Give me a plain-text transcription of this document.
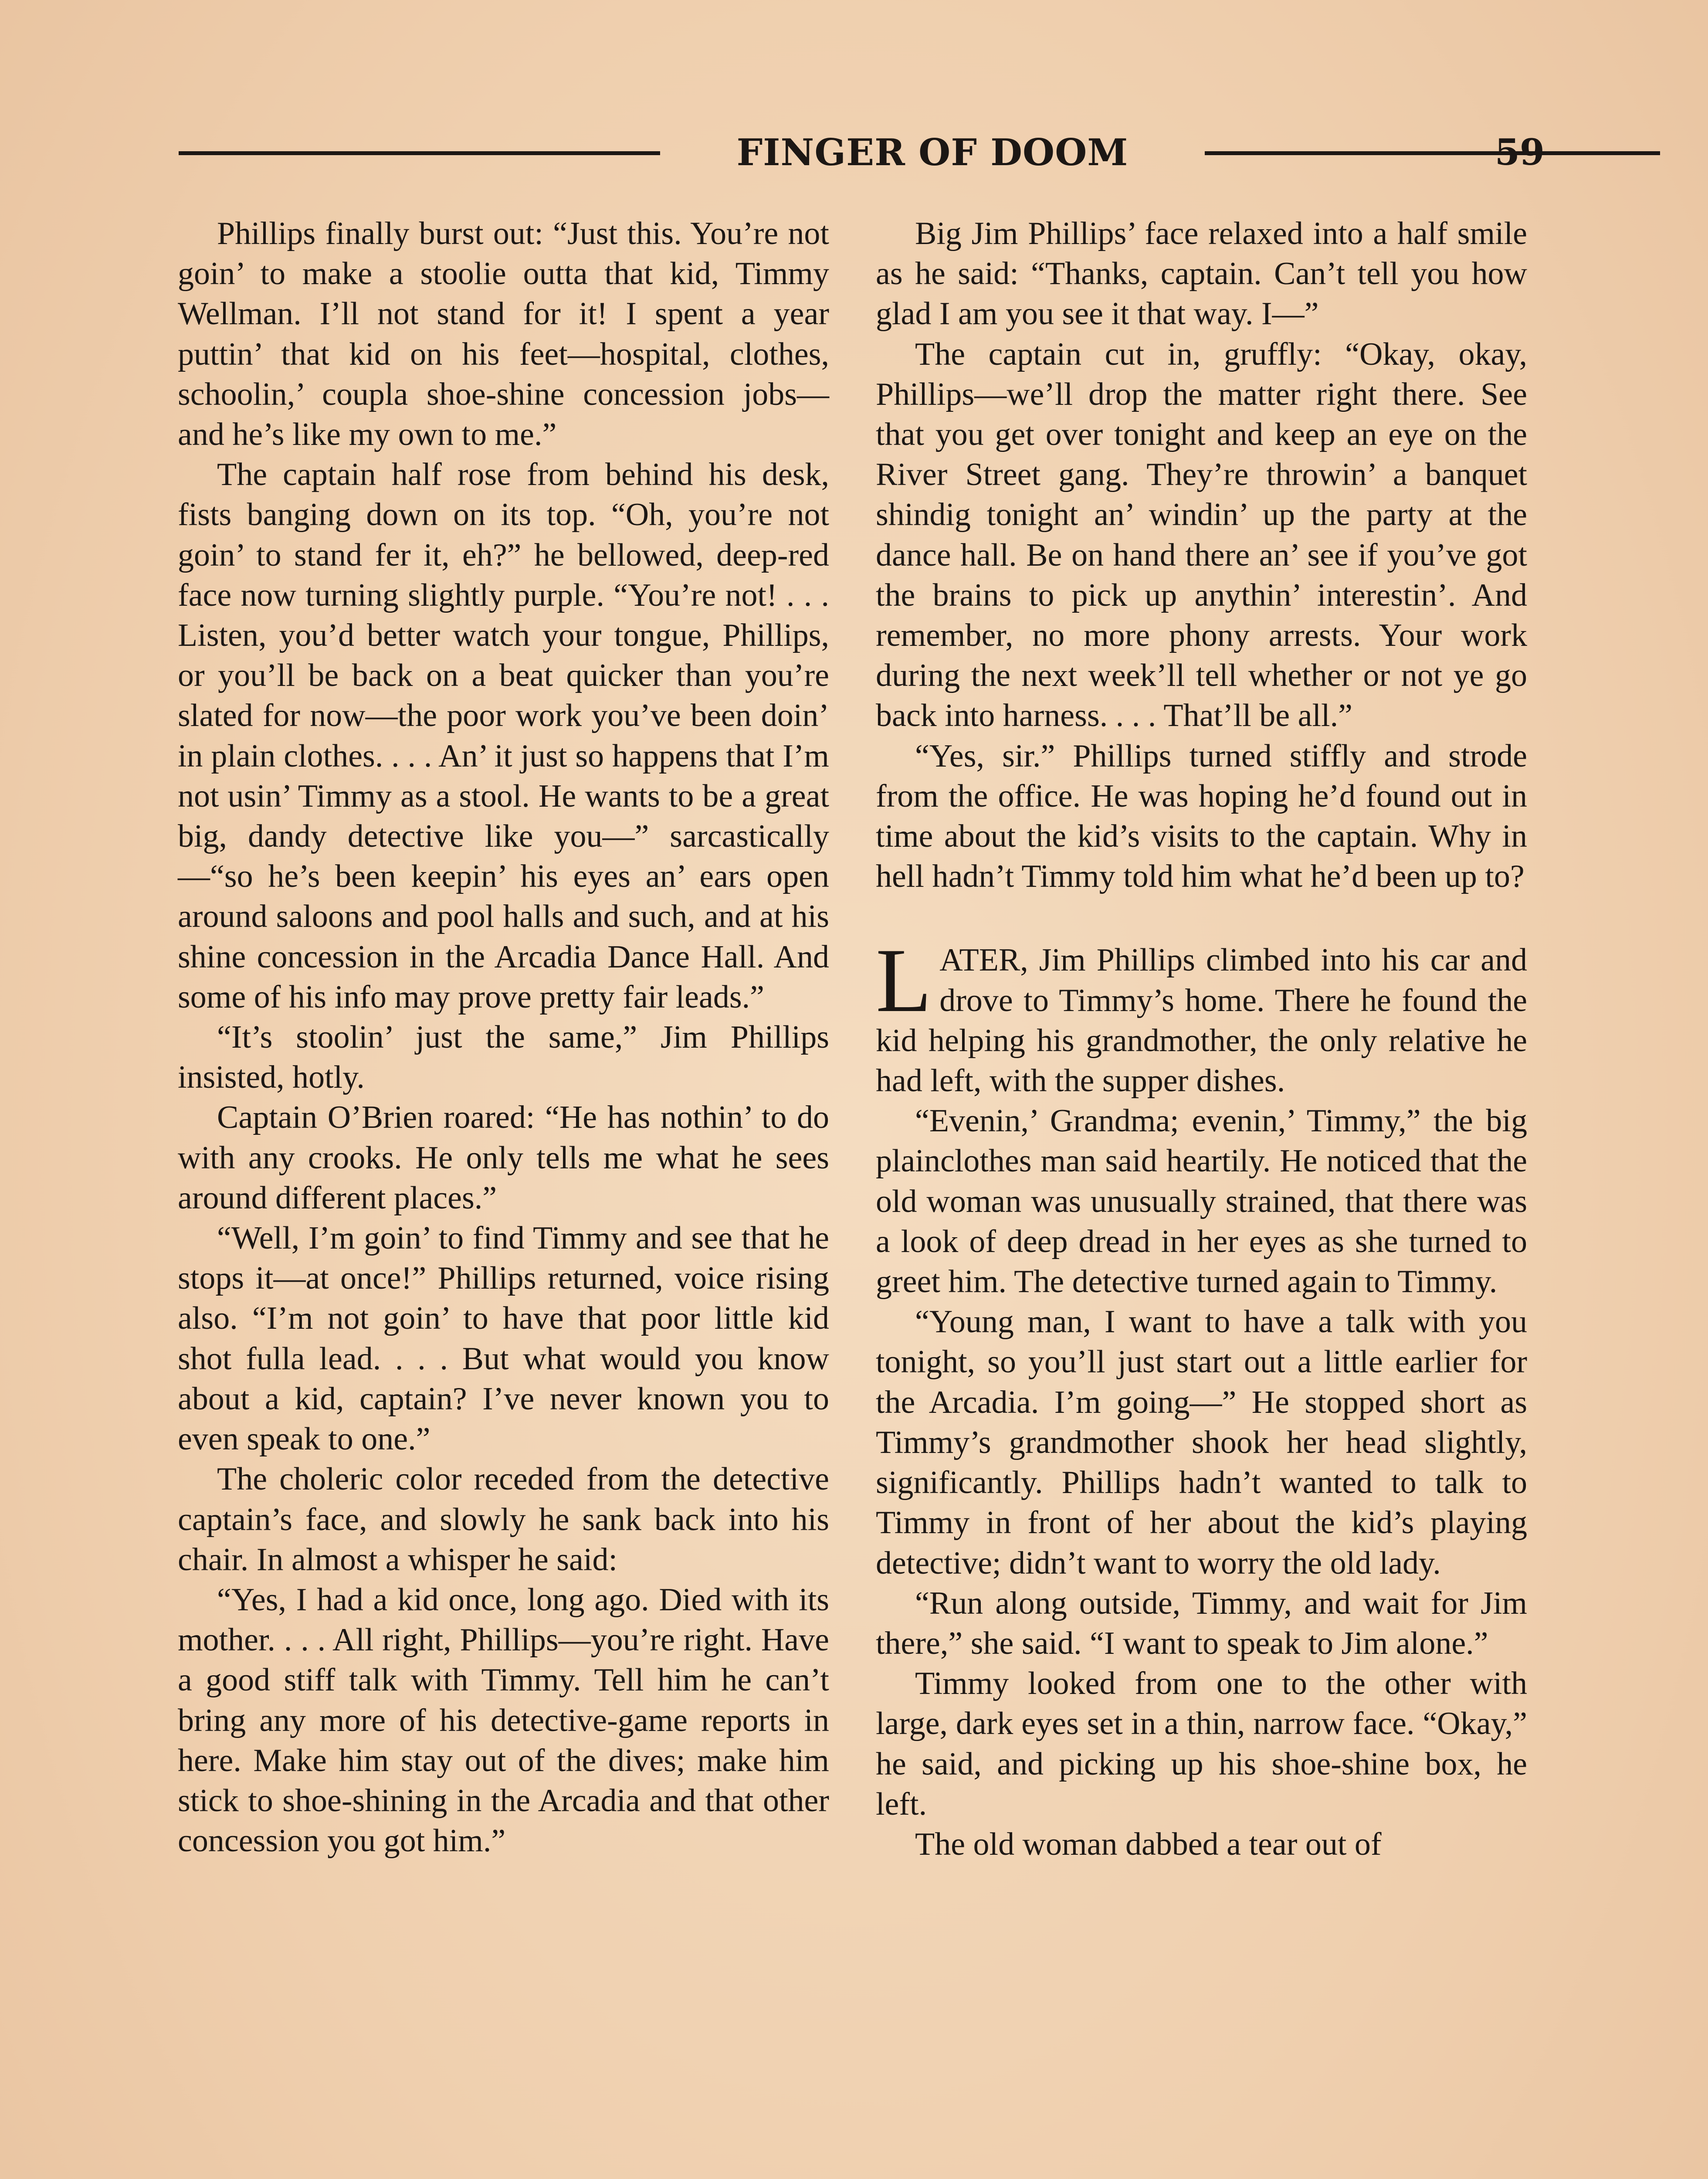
FINGER OF DOOM	59

Phillips finally burst out: “Just this. You’re not goin’ to make a stoolie outta that kid, Timmy Wellman. I’ll not stand for it! I spent a year puttin’ that kid on his feet—hospital, clothes, schoolin,’ coupla shoe-shine concession jobs—and he’s like my own to me.”

The captain half rose from behind his desk, fists banging down on its top. “Oh, you’re not goin’ to stand fer it, eh?” he bellowed, deep-red face now turning slightly purple. “You’re not! . . . Listen, you’d better watch your tongue, Phillips, or you’ll be back on a beat quicker than you’re slated for now—the poor work you’ve been doin’ in plain clothes. . . . An’ it just so happens that I’m not usin’ Timmy as a stool. He wants to be a great big, dandy detective like you—” sarcastically—“so he’s been keepin’ his eyes an’ ears open around saloons and pool halls and such, and at his shine concession in the Arcadia Dance Hall. And some of his info may prove pretty fair leads.”

“It’s stoolin’ just the same,” Jim Phillips insisted, hotly.

Captain O’Brien roared: “He has nothin’ to do with any crooks. He only tells me what he sees around different places.”

“Well, I’m goin’ to find Timmy and see that he stops it—at once!” Phillips returned, voice rising also. “I’m not goin’ to have that poor little kid shot fulla lead. . . . But what would you know about a kid, captain? I’ve never known you to even speak to one.”

The choleric color receded from the detective captain’s face, and slowly he sank back into his chair. In almost a whisper he said:

“Yes, I had a kid once, long ago. Died with its mother. . . . All right, Phillips—you’re right. Have a good stiff talk with Timmy. Tell him he can’t bring any more of his detective-game reports in here. Make him stay out of the dives; make him stick to shoe-shining in the Arcadia and that other concession you got him.”

Big Jim Phillips’ face relaxed into a half smile as he said: “Thanks, captain. Can’t tell you how glad I am you see it that way. I—”

The captain cut in, gruffly: “Okay, okay, Phillips—we’ll drop the matter right there. See that you get over tonight and keep an eye on the River Street gang. They’re throwin’ a banquet shindig tonight an’ windin’ up the party at the dance hall. Be on hand there an’ see if you’ve got the brains to pick up anythin’ interestin’. And remember, no more phony arrests. Your work during the next week’ll tell whether or not ye go back into harness. . . . That’ll be all.”

“Yes, sir.” Phillips turned stiffly and strode from the office. He was hoping he’d found out in time about the kid’s visits to the captain. Why in hell hadn’t Timmy told him what he’d been up to?

LATER, Jim Phillips climbed into his car and drove to Timmy’s home. There he found the kid helping his grandmother, the only relative he had left, with the supper dishes.

“Evenin,’ Grandma; evenin,’ Timmy,” the big plainclothes man said heartily. He noticed that the old woman was unusually strained, that there was a look of deep dread in her eyes as she turned to greet him. The detective turned again to Timmy.

“Young man, I want to have a talk with you tonight, so you’ll just start out a little earlier for the Arcadia. I’m going—” He stopped short as Timmy’s grandmother shook her head slightly, significantly. Phillips hadn’t wanted to talk to Timmy in front of her about the kid’s playing detective; didn’t want to worry the old lady.

“Run along outside, Timmy, and wait for Jim there,” she said. “I want to speak to Jim alone.”

Timmy looked from one to the other with large, dark eyes set in a thin, narrow face. “Okay,” he said, and picking up his shoe-shine box, he left.

The old woman dabbed a tear out of
